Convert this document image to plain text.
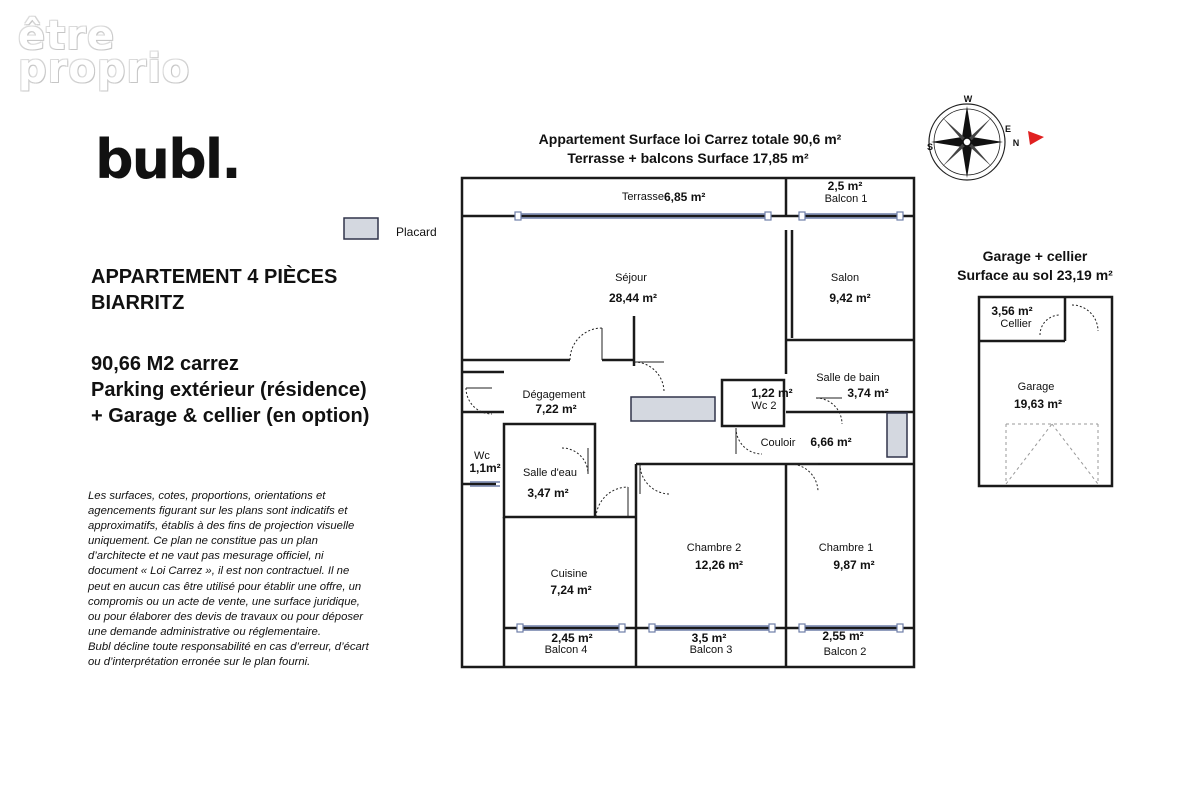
être
proprio
bubl.
APPARTEMENT 4 PIÈCES
BIARRITZ
90,66 M2 carrez
Parking extérieur (résidence)
+ Garage & cellier (en option)
Les surfaces, cotes, proportions, orientations et agencements figurant sur les plans sont indicatifs et approximatifs, établis à des fins de projection visuelle uniquement. Ce plan ne constitue pas un plan d’architecte et ne vaut pas mesurage officiel, ni document « Loi Carrez », il est non contractuel. Il ne peut en aucun cas être utilisé pour établir une offre, un compromis ou un acte de vente, une surface juridique, ou pour élaborer des devis de travaux ou pour déposer une demande administrative ou réglementaire.
Bubl décline toute responsabilité en cas d’erreur, d’écart ou d’interprétation erronée sur le plan fourni.
Appartement Surface loi Carrez totale 90,6 m²
Terrasse + balcons Surface 17,85 m²
Garage + cellier
Surface au sol 23,19 m²
Placard
W
E
N
S
Terrasse 6,85 m²
2,5 m²
Balcon 1
Séjour
28,44 m²
Salon
9,42 m²
Dégagement
7,22 m²
1,22 m²
Wc 2
Salle de bain
3,74 m²
Couloir 6,66 m²
Wc
1,1m² Salle d'eau
3,47 m²
Cuisine
7,24 m²
Chambre 2
12,26 m²
Chambre 1
9,87 m²
2,45 m²
Balcon 4
3,5 m²
Balcon 3
2,55 m²
Balcon 2
3,56 m²
Cellier
Garage
19,63 m²
